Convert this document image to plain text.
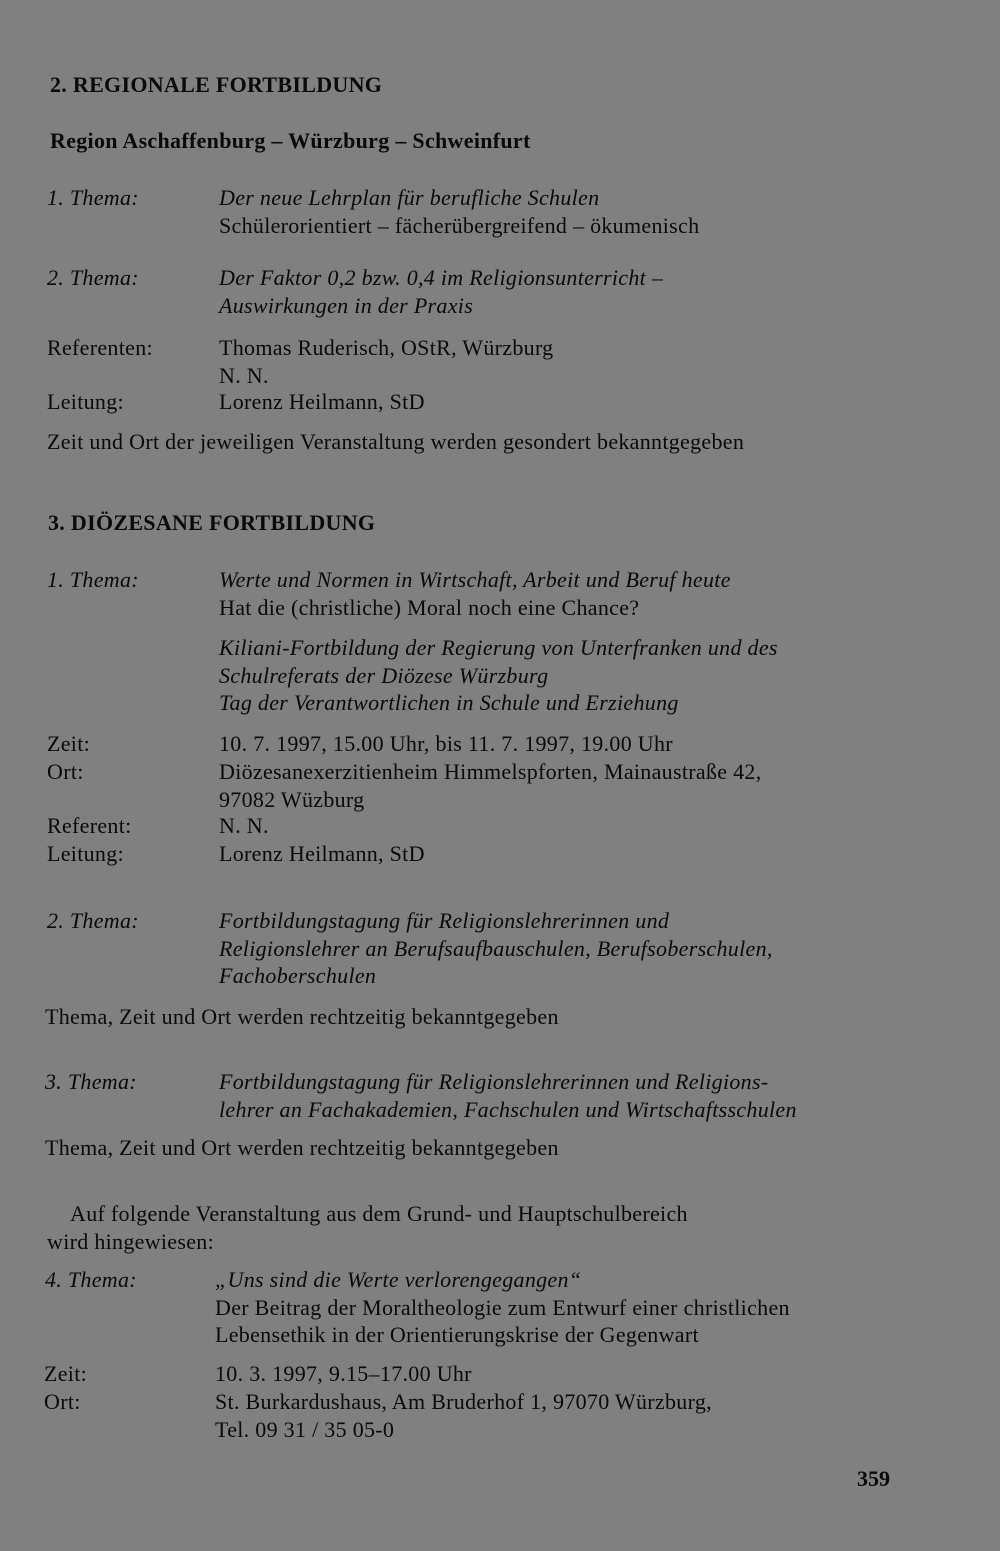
2. REGIONALE FORTBILDUNG
Region Aschaffenburg – Würzburg – Schweinfurt
1. Thema:	Der neue Lehrplan für berufliche Schulen
Schülerorientiert – fächerübergreifend – ökumenisch
2. Thema:	Der Faktor 0,2 bzw. 0,4 im Religionsunterricht –
Auswirkungen in der Praxis
Referenten:	Thomas Ruderisch, OStR, Würzburg
N. N.
Leitung:	Lorenz Heilmann, StD
Zeit und Ort der jeweiligen Veranstaltung werden gesondert bekanntgegeben
3. DIÖZESANE FORTBILDUNG
1. Thema:	Werte und Normen in Wirtschaft, Arbeit und Beruf heute
Hat die (christliche) Moral noch eine Chance?
Kiliani-Fortbildung der Regierung von Unterfranken und des
Schulreferats der Diözese Würzburg
Tag der Verantwortlichen in Schule und Erziehung
Zeit:	10. 7. 1997, 15.00 Uhr, bis 11. 7. 1997, 19.00 Uhr
Ort:	Diözesanexerzitienheim Himmelspforten, Mainaustraße 42,
97082 Wüzburg
Referent:	N. N.
Leitung:	Lorenz Heilmann, StD
2. Thema:	Fortbildungstagung für Religionslehrerinnen und
Religionslehrer an Berufsaufbauschulen, Berufsoberschulen,
Fachoberschulen
Thema, Zeit und Ort werden rechtzeitig bekanntgegeben
3. Thema:	Fortbildungstagung für Religionslehrerinnen und Religions-
lehrer an Fachakademien, Fachschulen und Wirtschaftsschulen
Thema, Zeit und Ort werden rechtzeitig bekanntgegeben
Auf folgende Veranstaltung aus dem Grund- und Hauptschulbereich
wird hingewiesen:
4. Thema:	„Uns sind die Werte verlorengegangen“
Der Beitrag der Moraltheologie zum Entwurf einer christlichen
Lebensethik in der Orientierungskrise der Gegenwart
Zeit:	10. 3. 1997, 9.15–17.00 Uhr
Ort:	St. Burkardushaus, Am Bruderhof 1, 97070 Würzburg,
Tel. 09 31 / 35 05-0
359
